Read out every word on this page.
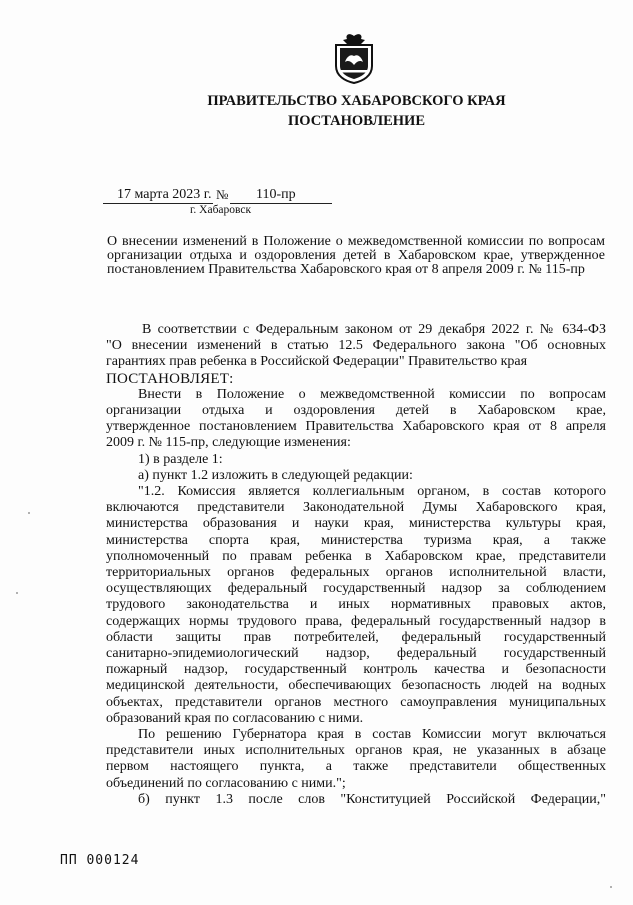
ПРАВИТЕЛЬСТВО ХАБАРОВСКОГО КРАЯ
ПОСТАНОВЛЕНИЕ
17 марта 2023 г. № 110-пр
г. Хабаровск
О внесении изменений в Положение о межведомственной комиссии по вопросам организации отдыха и оздоровления детей в Хабаровском крае, утвержденное постановлением Правительства Хабаровского края от 8 апреля 2009 г. № 115-пр

В соответствии с Федеральным законом от 29 декабря 2022 г. № 634-ФЗ

"О внесении изменений в статью 12.5 Федерального закона "Об основных

гарантиях прав ребенка в Российской Федерации" Правительство края

ПОСТАНОВЛЯЕТ:

Внести в Положение о межведомственной комиссии по вопросам

организации отдыха и оздоровления детей в Хабаровском крае,

утвержденное постановлением Правительства Хабаровского края от 8 апреля

2009 г. № 115-пр, следующие изменения:

1) в разделе 1:

а) пункт 1.2 изложить в следующей редакции:

"1.2. Комиссия является коллегиальным органом, в состав которого

включаются представители Законодательной Думы Хабаровского края,

министерства образования и науки края, министерства культуры края,

министерства спорта края, министерства туризма края, а также

уполномоченный по правам ребенка в Хабаровском крае, представители

территориальных органов федеральных органов исполнительной власти,

осуществляющих федеральный государственный надзор за соблюдением

трудового законодательства и иных нормативных правовых актов,

содержащих нормы трудового права, федеральный государственный надзор в

области защиты прав потребителей, федеральный государственный

санитарно-эпидемиологический надзор, федеральный государственный

пожарный надзор, государственный контроль качества и безопасности

медицинской деятельности, обеспечивающих безопасность людей на водных

объектах, представители органов местного самоуправления муниципальных

образований края по согласованию с ними.

По решению Губернатора края в состав Комиссии могут включаться

представители иных исполнительных органов края, не указанных в абзаце

первом настоящего пункта, а также представители общественных

объединений по согласованию с ними.";

б) пункт 1.3 после слов "Конституцией Российской Федерации,"

ПП 000124
